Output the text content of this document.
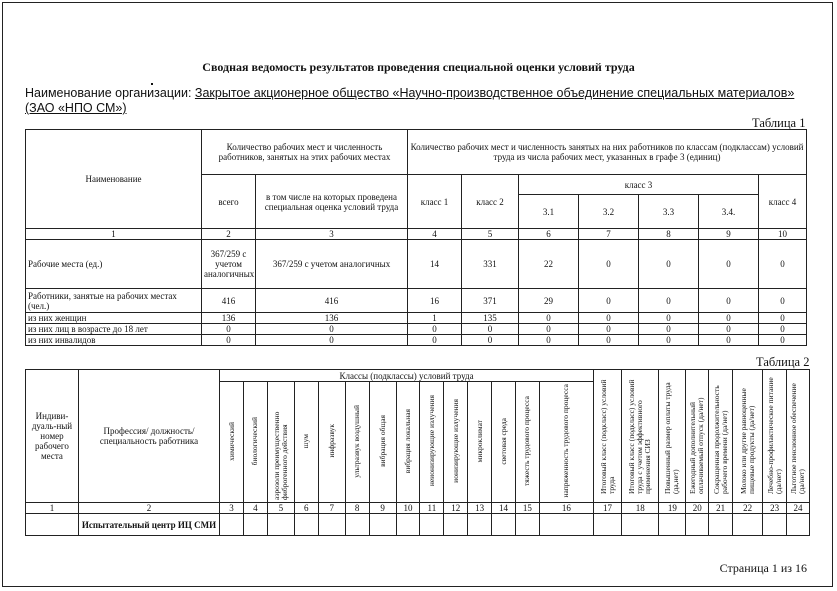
Сводная ведомость результатов проведения специальной оценки условий труда
Наименование организации: Закрытое акционерное общество «Научно-производственное объединение специальных материалов» (ЗАО «НПО СМ»)
Таблица 1
Наименование	Количество рабочих мест и численность работников, занятых на этих рабочих местах		Количество рабочих мест и численность занятых на них работников по классам (подклассам) условий труда из числа рабочих мест, указанных в графе 3 (единиц)						
	всего	в том числе на которых проведена специальная оценка условий труда	класс 1	класс 2	класс 3				класс 4
					3.1	3.2	3.3	3.4.	
1	2	3	4	5	6	7	8	9	10
Рабочие места (ед.)	367/259 с учетом аналогичных	367/259 с учетом аналогичных	14	331	22	0	0	0	0
Работники, занятые на рабочих местах (чел.)	416	416	16	371	29	0	0	0	0
из них женщин	136	136	1	135	0	0	0	0	0
из них лиц в возрасте до 18 лет	0	0	0	0	0	0	0	0	0
из них инвалидов	0	0	0	0	0	0	0	0	0
Таблица 2
Индиви-дуаль-ный номер рабочего места	Профессия/ должность/ специальность работника	Классы (подклассы) условий труда														Итоговый класс (подкласс) условий труда	Итоговый класс (подкласс) условий труда с учетом эффективного применения СИЗ	Повышенный размер оплаты труда (да,нет)	Ежегодный дополнительный оплачиваемый отпуск (да/нет)	Сокращенная продолжительность рабочего времени (да/нет)	Молоко или другие равноценные пищевые продукты (да/нет)	Лечебно-профилактическое питание (да/нет)	Льготное пенсионное обеспечение (да/нет)
		химический	биологический	аэрозоли преимущественно фиброгенного действия	шум	инфразвук	ультразвук воздушный	вибрация общая	вибрация локальная	неионизирующие излучения	ионизирующие излучения	микроклимат	световая среда	тяжесть трудового процесса	напряженность трудового процесса								
1	2	3	4	5	6	7	8	9	10	11	12	13	14	15	16	17	18	19	20	21	22	23	24
	Испытательный центр ИЦ СМИ																						
Страница 1 из 16
